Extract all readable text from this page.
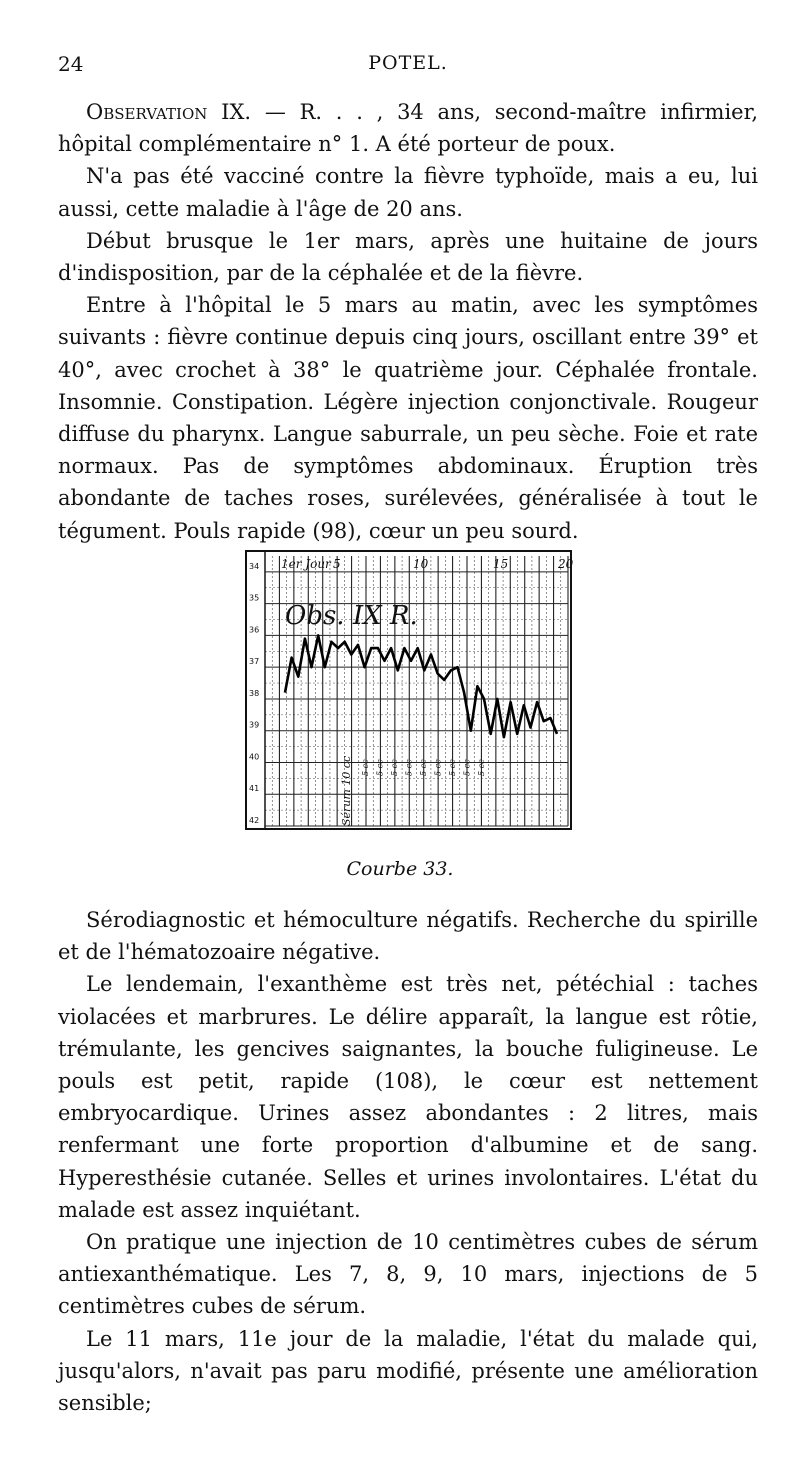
24	POTEL.

Observation IX. — R. . . , 34 ans, second-maître infirmier, hôpital complémentaire n° 1. A été porteur de poux.

N'a pas été vacciné contre la fièvre typhoïde, mais a eu, lui aussi, cette maladie à l'âge de 20 ans.

Début brusque le 1er mars, après une huitaine de jours d'indisposition, par de la céphalée et de la fièvre.

Entre à l'hôpital le 5 mars au matin, avec les symptômes suivants : fièvre continue depuis cinq jours, oscillant entre 39° et 40°, avec crochet à 38° le quatrième jour. Céphalée frontale. Insomnie. Constipation. Légère injection conjonctivale. Rougeur diffuse du pharynx. Langue saburrale, un peu sèche. Foie et rate normaux. Pas de symptômes abdominaux. Éruption très abondante de taches roses, surélevées, généralisée à tout le tégument. Pouls rapide (98), cœur un peu sourd.

42
41
40
39
38
37
36
35
34 1er Jour 5	10	15	20
Obs. IX R.
Sérum 10 cc 5 cc 5 cc 5 cc 5 cc 5 cc 5 cc 5 cc 5 cc 5 cc
Courbe 33.

Sérodiagnostic et hémoculture négatifs. Recherche du spirille et de l'hématozoaire négative.

Le lendemain, l'exanthème est très net, pétéchial : taches violacées et marbrures. Le délire apparaît, la langue est rôtie, trémulante, les gencives saignantes, la bouche fuligineuse. Le pouls est petit, rapide (108), le cœur est nettement embryocardique. Urines assez abondantes : 2 litres, mais renfermant une forte proportion d'albumine et de sang. Hyperesthésie cutanée. Selles et urines involontaires. L'état du malade est assez inquiétant.

On pratique une injection de 10 centimètres cubes de sérum antiexanthématique. Les 7, 8, 9, 10 mars, injections de 5 centimètres cubes de sérum.

Le 11 mars, 11e jour de la maladie, l'état du malade qui, jusqu'alors, n'avait pas paru modifié, présente une amélioration sensible;
